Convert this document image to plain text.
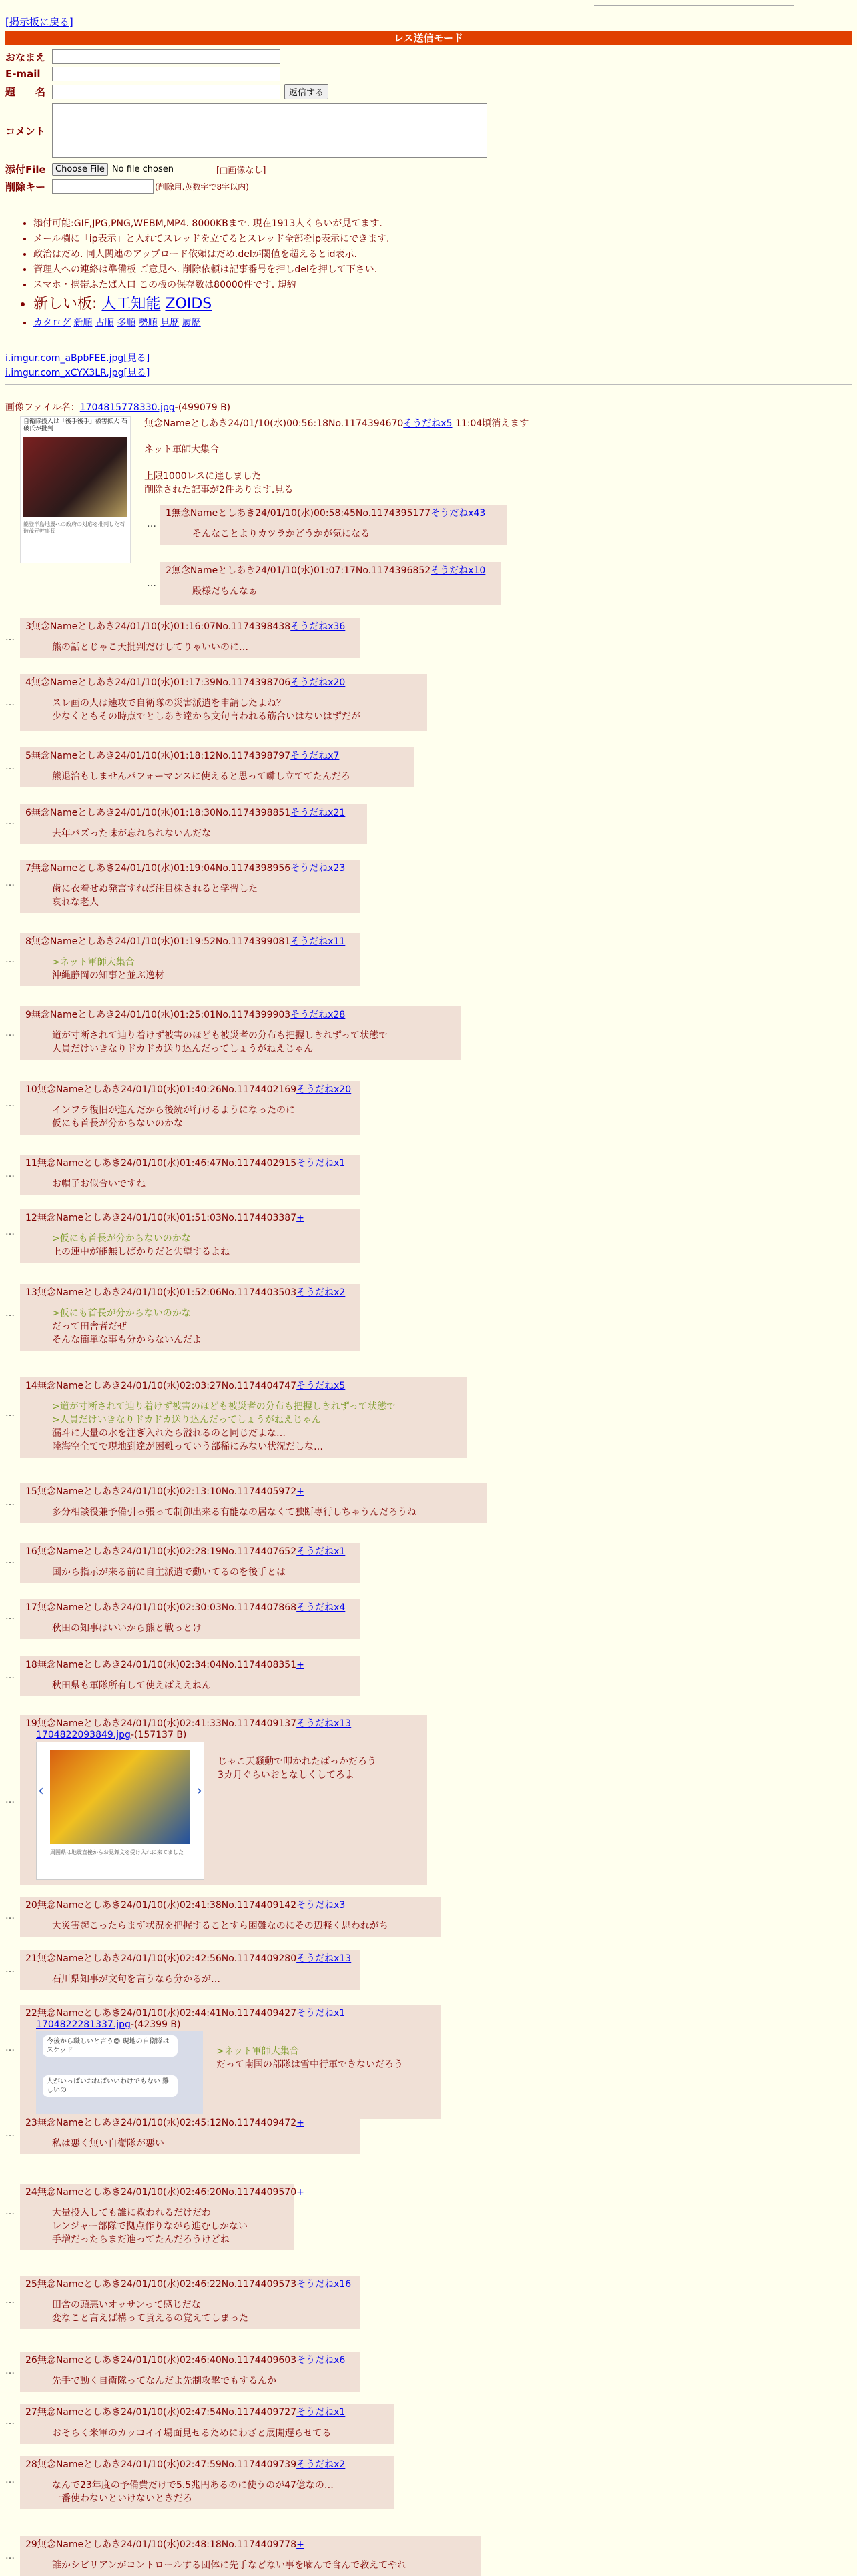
[掲示板に戻る]
レス送信モード
おなまえ
E-mail
題　　名	返信する
コメント
添付File	Choose File No file chosen	[□画像なし]
削除キー	(削除用.英数字で8字以内)
• 添付可能:GIF,JPG,PNG,WEBM,MP4. 8000KBまで. 現在1913人くらいが見てます.
• メール欄に「ip表示」と入れてスレッドを立てるとスレッド全部をip表示にできます.
• 政治はだめ. 同人関連のアップロード依頼はだめ.delが閾値を超えるとid表示.
• 管理人への連絡は準備板 ご意見へ. 削除依頼は記事番号を押しdelを押して下さい.
• スマホ・携帯ふたば入口 この板の保存数は80000件です. 規約
• 新しい板: 人工知能 ZOIDS
• カタログ 新順 古順 多順 勢順 見歴 履歴
i.imgur.com_aBpbFEE.jpg[見る]
i.imgur.com_xCYX3LR.jpg[見る]
画像ファイル名：1704815778330.jpg-(499079 B)
自衛隊投入は「後手後手」被害拡大 石破氏が批判
能登半島地震への政府の対応を批判した石破茂元幹事長
無念Nameとしあき24/01/10(水)00:56:18No.1174394670そうだねx5 11:04頃消えます
ネット軍師大集合
上限1000レスに達しました
削除された記事が2件あります.見る
…
1無念Nameとしあき24/01/10(水)00:58:45No.1174395177そうだねx43
そんなことよりカツラかどうかが気になる
…
2無念Nameとしあき24/01/10(水)01:07:17No.1174396852そうだねx10
殿様だもんなぁ
…
3無念Nameとしあき24/01/10(水)01:16:07No.1174398438そうだねx36
熊の話とじゃこ天批判だけしてりゃいいのに…
…
4無念Nameとしあき24/01/10(水)01:17:39No.1174398706そうだねx20
スレ画の人は速攻で自衛隊の災害派遣を申請したよね？
少なくともその時点でとしあき達から文句言われる筋合いはないはずだが
…
5無念Nameとしあき24/01/10(水)01:18:12No.1174398797そうだねx7
熊退治もしませんパフォーマンスに使えると思って囃し立ててたんだろ
…
6無念Nameとしあき24/01/10(水)01:18:30No.1174398851そうだねx21
去年バズった味が忘れられないんだな
…
7無念Nameとしあき24/01/10(水)01:19:04No.1174398956そうだねx23
歯に衣着せぬ発言すれば注目株されると学習した
哀れな老人
…
8無念Nameとしあき24/01/10(水)01:19:52No.1174399081そうだねx11
>ネット軍師大集合
沖縄静岡の知事と並ぶ逸材
…
9無念Nameとしあき24/01/10(水)01:25:01No.1174399903そうだねx28
道が寸断されて辿り着けず被害のほども被災者の分布も把握しきれずって状態で
人員だけいきなりドカドカ送り込んだってしょうがねえじゃん
…
10無念Nameとしあき24/01/10(水)01:40:26No.1174402169そうだねx20
インフラ復旧が進んだから後続が行けるようになったのに
仮にも首長が分からないのかな
…
11無念Nameとしあき24/01/10(水)01:46:47No.1174402915そうだねx1
お帽子お似合いですね
…
12無念Nameとしあき24/01/10(水)01:51:03No.1174403387+
>仮にも首長が分からないのかな
上の連中が能無しばかりだと失望するよね
…
13無念Nameとしあき24/01/10(水)01:52:06No.1174403503そうだねx2
>仮にも首長が分からないのかな
だって田舎者だぜ
そんな簡単な事も分からないんだよ
…
14無念Nameとしあき24/01/10(水)02:03:27No.1174404747そうだねx5
>道が寸断されて辿り着けず被害のほども被災者の分布も把握しきれずって状態で
>人員だけいきなりドカドカ送り込んだってしょうがねえじゃん
漏斗に大量の水を注ぎ入れたら溢れるのと同じだよな…
陸海空全てで現地到達が困難っていう部稀にみない状況だしな…
…
15無念Nameとしあき24/01/10(水)02:13:10No.1174405972+
多分相談役兼予備引っ張って制御出来る有能なの居なくて独断専行しちゃうんだろうね
…
16無念Nameとしあき24/01/10(水)02:28:19No.1174407652そうだねx1
国から指示が来る前に自主派遣で動いてるのを後手とは
…
17無念Nameとしあき24/01/10(水)02:30:03No.1174407868そうだねx4
秋田の知事はいいから熊と戦っとけ
…
18無念Nameとしあき24/01/10(水)02:34:04No.1174408351+
秋田県も軍隊所有して使えばええねん
…
19無念Nameとしあき24/01/10(水)02:41:33No.1174409137そうだねx13
1704822093849.jpg-(157137 B)
‹	›
周囲県は地震直後からお見舞文を受け入れに来てました
じゃこ天騒動で叩かれたばっかだろう
3カ月ぐらいおとなしくしてろよ
…
20無念Nameとしあき24/01/10(水)02:41:38No.1174409142そうだねx3
大災害起こったらまず状況を把握することすら困難なのにその辺軽く思われがち
…
21無念Nameとしあき24/01/10(水)02:42:56No.1174409280そうだねx13
石川県知事が文句を言うなら分かるが…
…
22無念Nameとしあき24/01/10(水)02:44:41No.1174409427そうだねx1
1704822281337.jpg-(42399 B)
今後から職しいと言う😊 現地の自衛隊はスケッド
人がいっぱいおればいいわけでもない 難しいの
>ネット軍師大集合
だって南国の部隊は雪中行軍できないだろう
…
23無念Nameとしあき24/01/10(水)02:45:12No.1174409472+
私は悪く無い自衛隊が悪い
…
24無念Nameとしあき24/01/10(水)02:46:20No.1174409570+
大量投入しても誰に救われるだけだわ
レンジャー部隊で拠点作りながら進むしかない
手増だったらまだ進ってたんだろうけどね
…
25無念Nameとしあき24/01/10(水)02:46:22No.1174409573そうだねx16
田舎の頭悪いオッサンって感じだな
変なこと言えば構って貰えるの覚えてしまった
…
26無念Nameとしあき24/01/10(水)02:46:40No.1174409603そうだねx6
先手で動く自衛隊ってなんだよ先制攻撃でもするんか
…
27無念Nameとしあき24/01/10(水)02:47:54No.1174409727そうだねx1
おそらく米軍のカッコイイ場面見せるためにわざと展開遅らせてる
…
28無念Nameとしあき24/01/10(水)02:47:59No.1174409739そうだねx2
なんで23年度の予備費だけで5.5兆円あるのに使うのが47億なの…
一番使わないといけないときだろ
…
29無念Nameとしあき24/01/10(水)02:48:18No.1174409778+
誰かシビリアンがコントロールする団体に先手などない事を噛んで含んで教えてやれ
